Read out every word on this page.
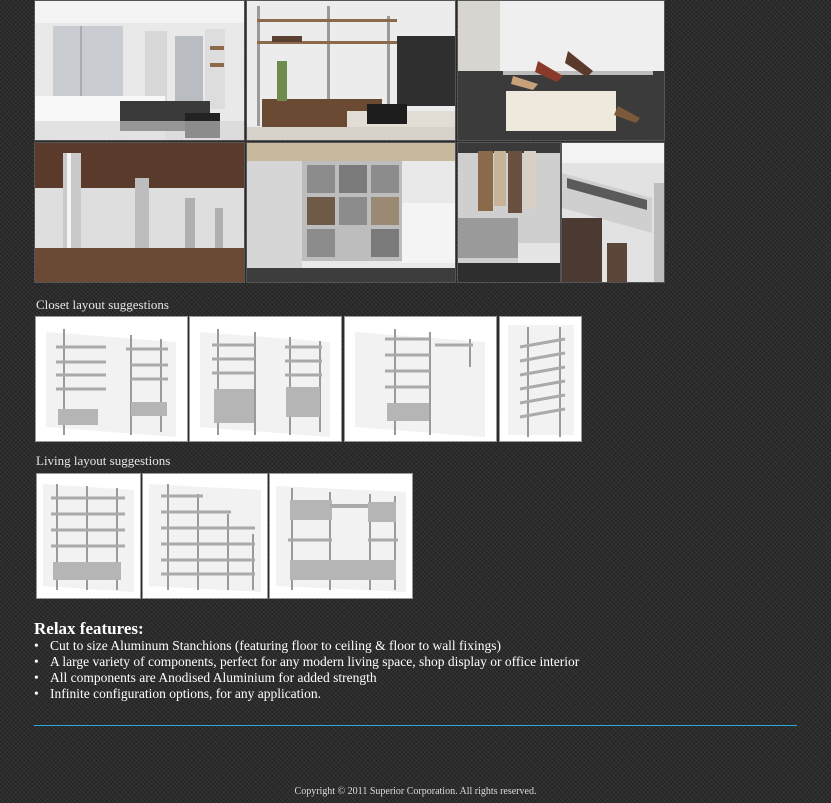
Closet layout suggestions
Living layout suggestions
Relax features:
• Cut to size Aluminum Stanchions (featuring floor to ceiling & floor to wall fixings)
• A large variety of components, perfect for any modern living space, shop display or office interior
• All components are Anodised Aluminium for added strength
• Infinite configuration options, for any application.
Copyright © 2011 Superior Corporation. All rights reserved.
